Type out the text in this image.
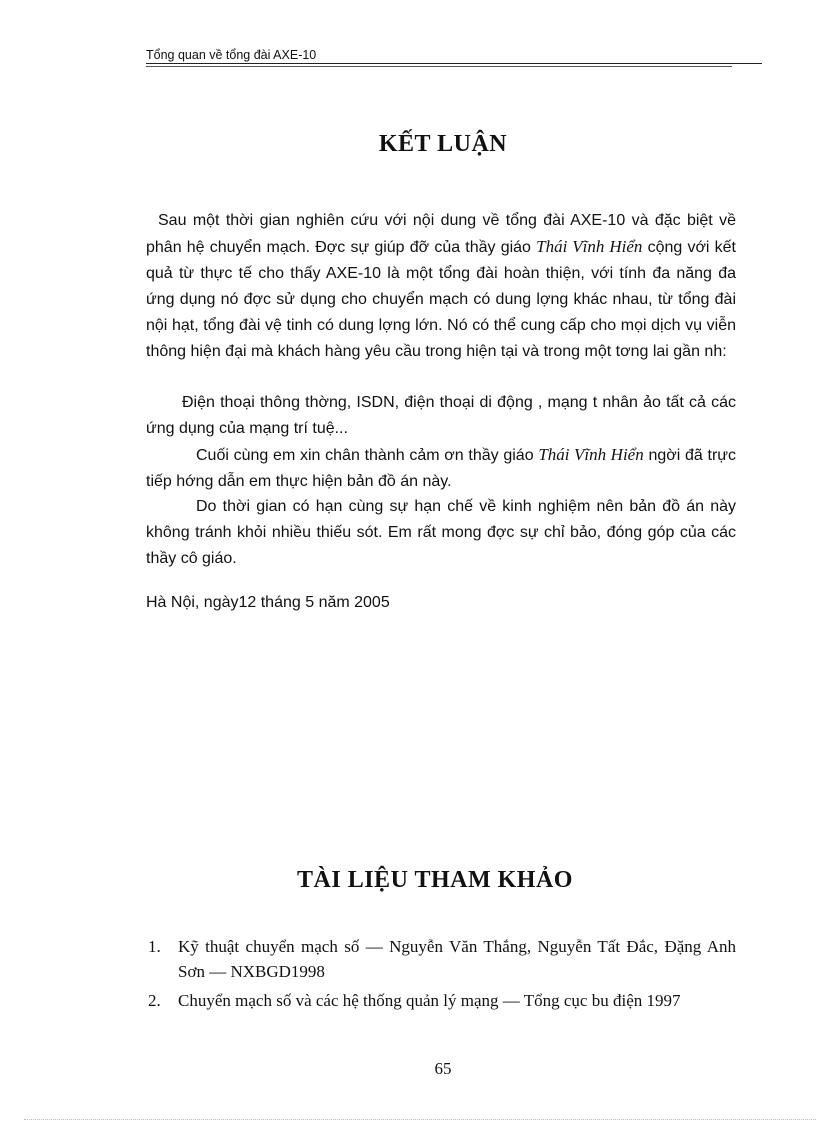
Tổng quan về tổng đài AXE-10
KẾT LUẬN

Sau một thời gian nghiên cứu với nội dung về tổng đài AXE-10 và đặc biệt về phân hệ chuyển mạch. Đợc sự giúp đỡ của thầy giáo Thái Vĩnh Hiển cộng với kết quả từ thực tế cho thấy AXE-10 là một tổng đài hoàn thiện, với tính đa năng đa ứng dụng nó đợc sử dụng cho chuyển mạch có dung lợng khác nhau, từ tổng đài nội hạt, tổng đài vệ tinh có dung lợng lớn. Nó có thể cung cấp cho mọi dịch vụ viễn thông hiện đại mà khách hàng yêu cầu trong hiện tại và trong một tơng lai gần nh:

Điện thoại thông thờng, ISDN, điện thoại di động , mạng t nhân ảo tất cả các ứng dụng của mạng trí tuệ...

Cuối cùng em xin chân thành cảm ơn thầy giáo Thái Vĩnh Hiển ngời đã trực tiếp hớng dẫn em thực hiện bản đồ án này.

Do thời gian có hạn cùng sự hạn chế về kinh nghiệm nên bản đồ án này không tránh khỏi nhiều thiếu sót. Em rất mong đợc sự chỉ bảo, đóng góp của các thầy cô giáo.

Hà Nội, ngày12 tháng 5 năm 2005

TÀI LIỆU THAM KHẢO
1. Kỹ thuật chuyển mạch số — Nguyễn Văn Thắng, Nguyễn Tất Đắc, Đặng Anh Sơn — NXBGD1998
2. Chuyển mạch số và các hệ thống quản lý mạng — Tổng cục bu điện 1997
65
